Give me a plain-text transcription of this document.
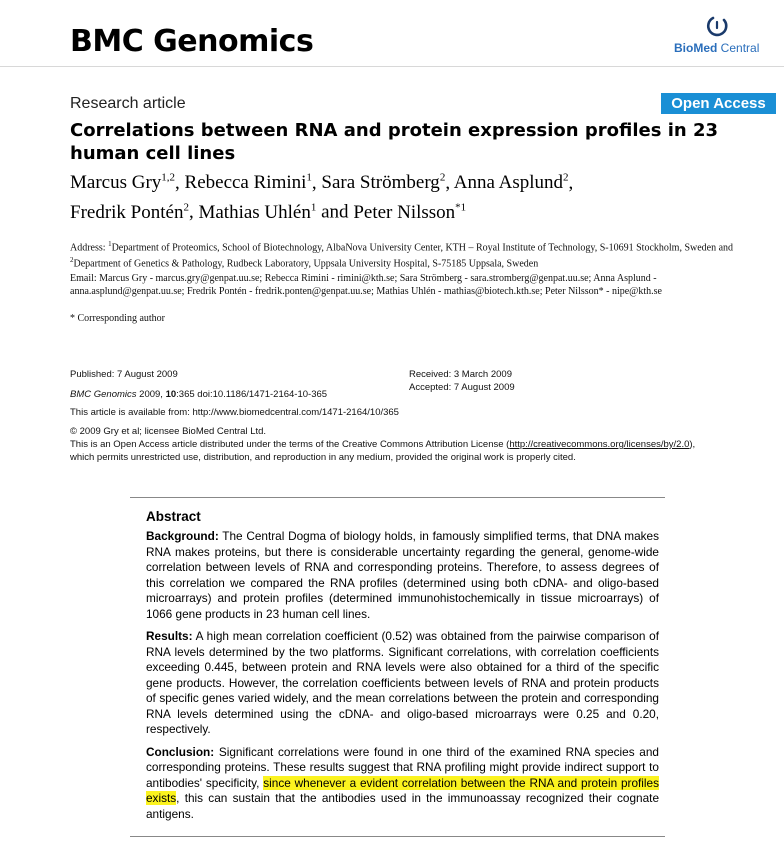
BMC Genomics	BioMed Central
Research article	Open Access
Correlations between RNA and protein expression profiles in 23 human cell lines
Marcus Gry$^{1,2}$, Rebecca Rimini$^1$, Sara Strömberg$^2$, Anna Asplund$^2$,
Fredrik Pontén$^2$, Mathias Uhlén$^1$ and Peter Nilsson$^{*1}$
Address: $^1$Department of Proteomics, School of Biotechnology, AlbaNova University Center, KTH – Royal Institute of Technology, S-10691 Stockholm, Sweden and $^2$Department of Genetics & Pathology, Rudbeck Laboratory, Uppsala University Hospital, S-75185 Uppsala, Sweden
Email: Marcus Gry - marcus.gry@genpat.uu.se; Rebecca Rimini - rimini@kth.se; Sara Strömberg - sara.stromberg@genpat.uu.se; Anna Asplund - anna.asplund@genpat.uu.se; Fredrik Pontén - fredrik.ponten@genpat.uu.se; Mathias Uhlén - mathias@biotech.kth.se; Peter Nilsson* - nipe@kth.se
* Corresponding author
Published: 7 August 2009
BMC Genomics 2009, 10:365 doi:10.1186/1471-2164-10-365
Received: 3 March 2009
Accepted: 7 August 2009
This article is available from: http://www.biomedcentral.com/1471-2164/10/365
© 2009 Gry et al; licensee BioMed Central Ltd.
This is an Open Access article distributed under the terms of the Creative Commons Attribution License (http://creativecommons.org/licenses/by/2.0),
which permits unrestricted use, distribution, and reproduction in any medium, provided the original work is properly cited.
Abstract

Background: The Central Dogma of biology holds, in famously simplified terms, that DNA makes RNA makes proteins, but there is considerable uncertainty regarding the general, genome-wide correlation between levels of RNA and corresponding proteins. Therefore, to assess degrees of this correlation we compared the RNA profiles (determined using both cDNA- and oligo-based microarrays) and protein profiles (determined immunohistochemically in tissue microarrays) of 1066 gene products in 23 human cell lines.

Results: A high mean correlation coefficient (0.52) was obtained from the pairwise comparison of RNA levels determined by the two platforms. Significant correlations, with correlation coefficients exceeding 0.445, between protein and RNA levels were also obtained for a third of the specific gene products. However, the correlation coefficients between levels of RNA and protein products of specific genes varied widely, and the mean correlations between the protein and corresponding RNA levels determined using the cDNA- and oligo-based microarrays were 0.25 and 0.20, respectively.

Conclusion: Significant correlations were found in one third of the examined RNA species and corresponding proteins. These results suggest that RNA profiling might provide indirect support to antibodies' specificity, since whenever a evident correlation between the RNA and protein profiles exists, this can sustain that the antibodies used in the immunoassay recognized their cognate antigens.
